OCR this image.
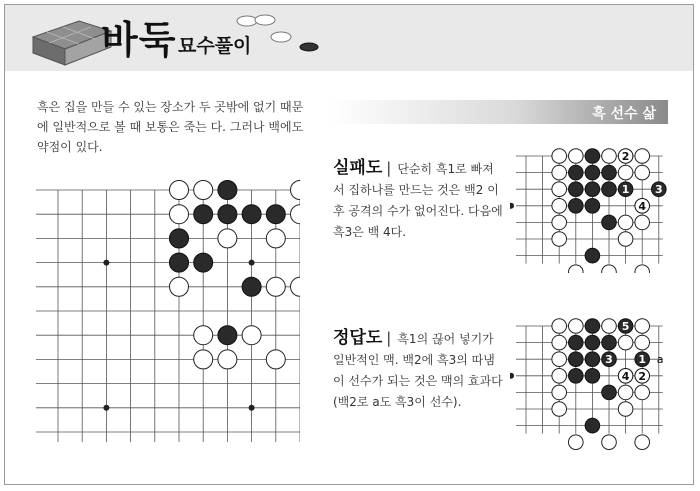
바둑 묘수풀이
흑은 집을 만들 수 있는 장소가 두 곳밖에 없기 때문에 일반적으로 볼 때 보통은 죽는 다. 그러나 백에도 약점이 있다.
흑 선수 삶
실패도 | 단순히 흑1로 빠져서 집하나를 만드는 것은 백2 이후 공격의 수가 없어진다. 다음에 흑3은 백 4다.
정답도 | 흑1의 끊어 넣기가 일반적인 맥. 백2에 흑3의 따냄이 선수가 되는 것은 맥의 효과다(백2로 a도 흑3이 선수).
2
1 3
4
5
3 1
4 2
a
